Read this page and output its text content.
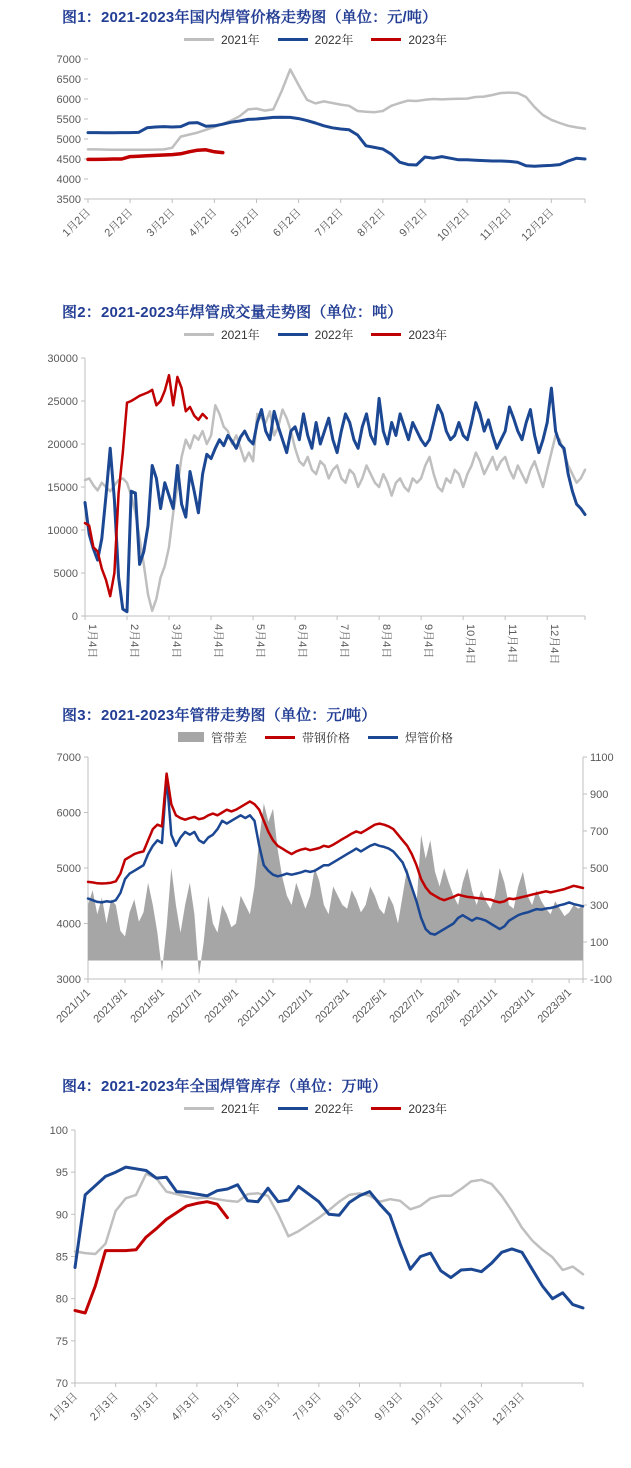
图1：2021-2023年国内焊管价格走势图（单位：元/吨）
2021年	2022年	2023年
3500
4000
4500
5000
5500
6000
6500
7000
1月2日 2月2日 3月2日 4月2日 5月2日 6月2日 7月2日 8月2日 9月2日 10月2日 11月2日 12月2日
图2：2021-2023年焊管成交量走势图（单位：吨）
2021年	2022年	2023年
0
5000
10000
15000
20000
25000
30000
1月4日	2月4日	3月4日	4月4日	5月4日	6月4日	7月4日	8月4日	9月4日	10月4日	11月4日	12月4日
图3：2021-2023年管带走势图（单位：元/吨）
管带差	带钢价格	焊管价格
3000
4000
5000
6000
7000
-100
100
300
500
700
900
1100
2021/1/1
2021/3/1
2021/5/1
2021/7/1
2021/9/1
2021/11/1
2022/1/1
2022/3/1
2022/5/1
2022/7/1
2022/9/1
2022/11/1
2023/1/1
2023/3/1
图4：2021-2023年全国焊管库存（单位：万吨）
2021年	2022年	2023年
70
75
80
85
90
95
100
1月3日 2月3日 3月3日 4月3日 5月3日 6月3日 7月3日 8月3日 9月3日 10月3日 11月3日 12月3日
